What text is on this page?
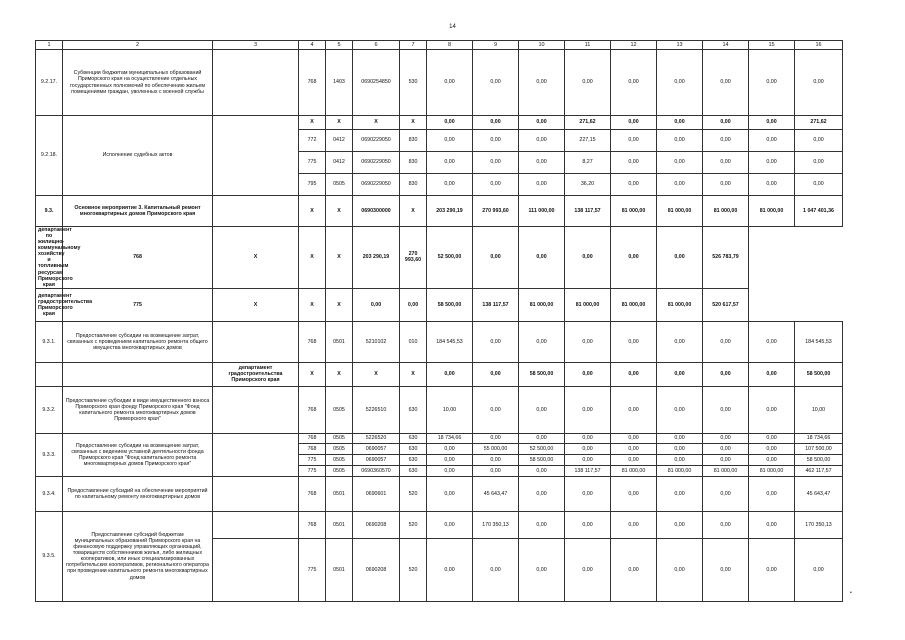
14
1	2	3	4	5	6	7	8	9	10	11	12	13	14	15	16
9.2.17.	Субвенции бюджетам муниципальных образований Приморского края на осуществление отдельных государственных полномочий по обеспечению жильем помещениями граждан, уволенных с военной службы		768	1403	0690254850	530	0,00	0,00	0,00	0,00	0,00	0,00	0,00	0,00	0,00
9.2.18.	Исполнение судебных актов		X	X	X	X	0,00	0,00	0,00	271,62	0,00	0,00	0,00	0,00	271,62
			772	0412	0690229050	830	0,00	0,00	0,00	227,15	0,00	0,00	0,00	0,00	0,00
			775	0412	0690229050	830	0,00	0,00	0,00	8,27	0,00	0,00	0,00	0,00	0,00
			795	0505	0690229050	830	0,00	0,00	0,00	36,20	0,00	0,00	0,00	0,00	0,00
9.3.	Основное мероприятие 3. Капитальный ремонт многоквартирных домов Приморского края		X	X	0690300000	X	203 290,19	270 993,60	111 000,00	138 117,57	81 000,00	81 000,00	81 000,00	81 000,00	1 047 401,36
департамент по жилищно-коммунальному хозяйству и топливным ресурсам Приморского края	768	X	X	X	203 290,19	270 993,60	52 500,00	0,00	0,00	0,00	0,00	0,00	526 783,79		
департамент градостроительства Приморского края	775	X	X	X	0,00	0,00	58 500,00	138 117,57	81 000,00	81 000,00	81 000,00	81 000,00	520 617,57		
9.3.1.	Предоставление субсидии на возмещение затрат, связанных с проведением капитального ремонта общего имущества многоквартирных домов		768	0501	5210102	010	184 545,53	0,00	0,00	0,00	0,00	0,00	0,00	0,00	184 545,53
		департамент градостроительства Приморского края	X	X	X	X	0,00	0,00	58 500,00	0,00	0,00	0,00	0,00	0,00	58 500,00
9.3.2.	Предоставление субсидии в виде имущественного взноса Приморского края фонду Приморского края "Фонд капитального ремонта многоквартирных домов Приморского края"		768	0505	5226510	630	10,00	0,00	0,00	0,00	0,00	0,00	0,00	0,00	10,00
9.3.3.	Предоставление субсидии на возмещение затрат, связанных с ведением уставной деятельности фонда Приморского края "Фонд капитального ремонта многоквартирных домов Приморского края"		768	0505	5226520	630	18 734,66	0,00	0,00	0,00	0,00	0,00	0,00	0,00	18 734,66
			768	0505	0690057	630	0,00	55 000,00	52 500,00	0,00	0,00	0,00	0,00	0,00	107 500,00
			775	0505	0690057	630	0,00	0,00	58 500,00	0,00	0,00	0,00	0,00	0,00	58 500,00
			775	0505	0690360570	630	0,00	0,00	0,00	138 117,57	81 000,00	81 000,00	81 000,00	81 000,00	462 117,57
9.3.4.	Предоставление субсидий на обеспечение мероприятий по капитальному ремонту многоквартирных домов		768	0501	0690601	520	0,00	45 643,47	0,00	0,00	0,00	0,00	0,00	0,00	45 643,47
9.3.5.	Предоставление субсидий бюджетам
муниципальных образований Приморского края на финансовую поддержку управляющих организаций, товариществ собственников жилья, либо жилищных кооперативов, или иных специализированных потребительских кооперативов, регионального оператора при проведении капитального ремонта многоквартирных домов		768	0501	0690208	520	0,00	170 350,13	0,00	0,00	0,00	0,00	0,00	0,00	170 350,13
			775	0501	0690208	520	0,00	0,00	0,00	0,00	0,00	0,00	0,00	0,00	0,00
•
